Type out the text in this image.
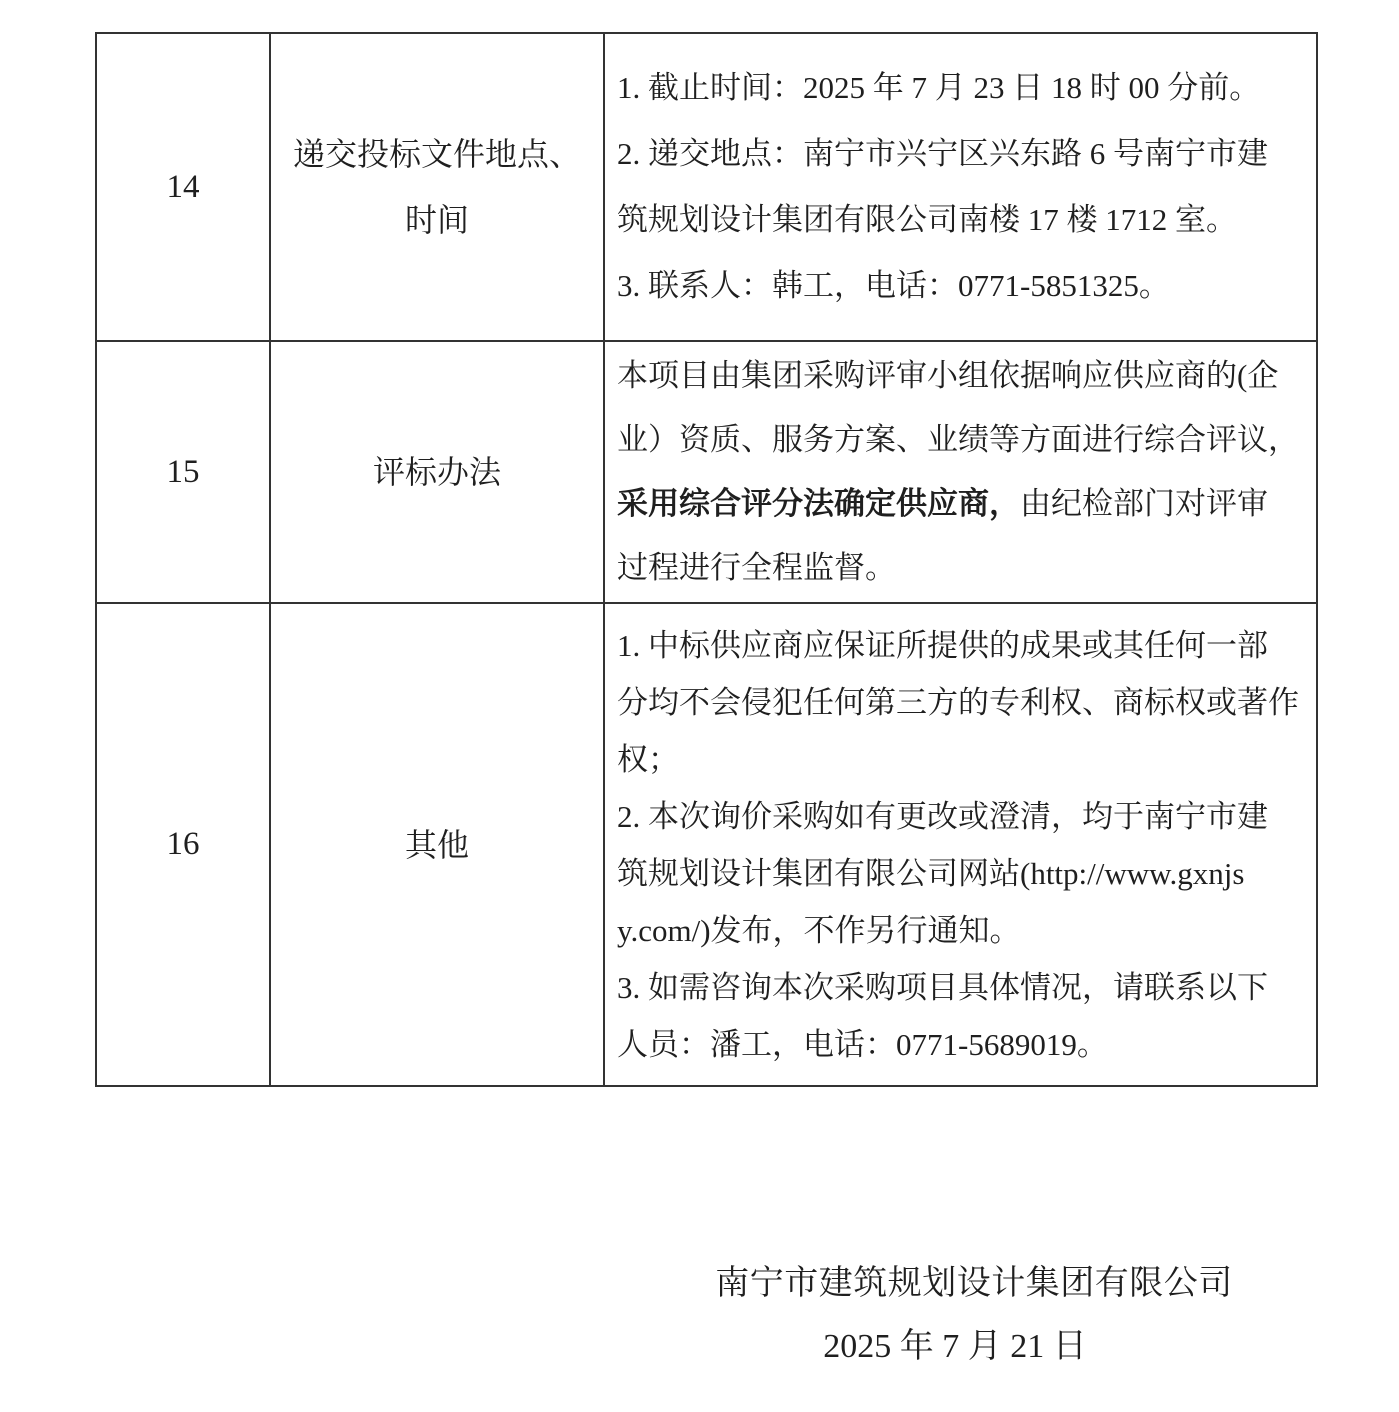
14
递交投标文件地点、
时间
1. 截止时间：2025 年 7 月 23 日 18 时 00 分前。
2. 递交地点：南宁市兴宁区兴东路 6 号南宁市建
筑规划设计集团有限公司南楼 17 楼 1712 室。
3. 联系人：韩工，电话：0771-5851325。
15	评标办法
本项目由集团采购评审小组依据响应供应商的(企
业）资质、服务方案、业绩等方面进行综合评议，
采用综合评分法确定供应商，由纪检部门对评审
过程进行全程监督。
16	其他
1. 中标供应商应保证所提供的成果或其任何一部
分均不会侵犯任何第三方的专利权、商标权或著作
权；
2. 本次询价采购如有更改或澄清，均于南宁市建
筑规划设计集团有限公司网站(http://www.gxnjs
y.com/)发布，不作另行通知。
3. 如需咨询本次采购项目具体情况，请联系以下
人员：潘工，电话：0771-5689019。
南宁市建筑规划设计集团有限公司
2025 年 7 月 21 日
